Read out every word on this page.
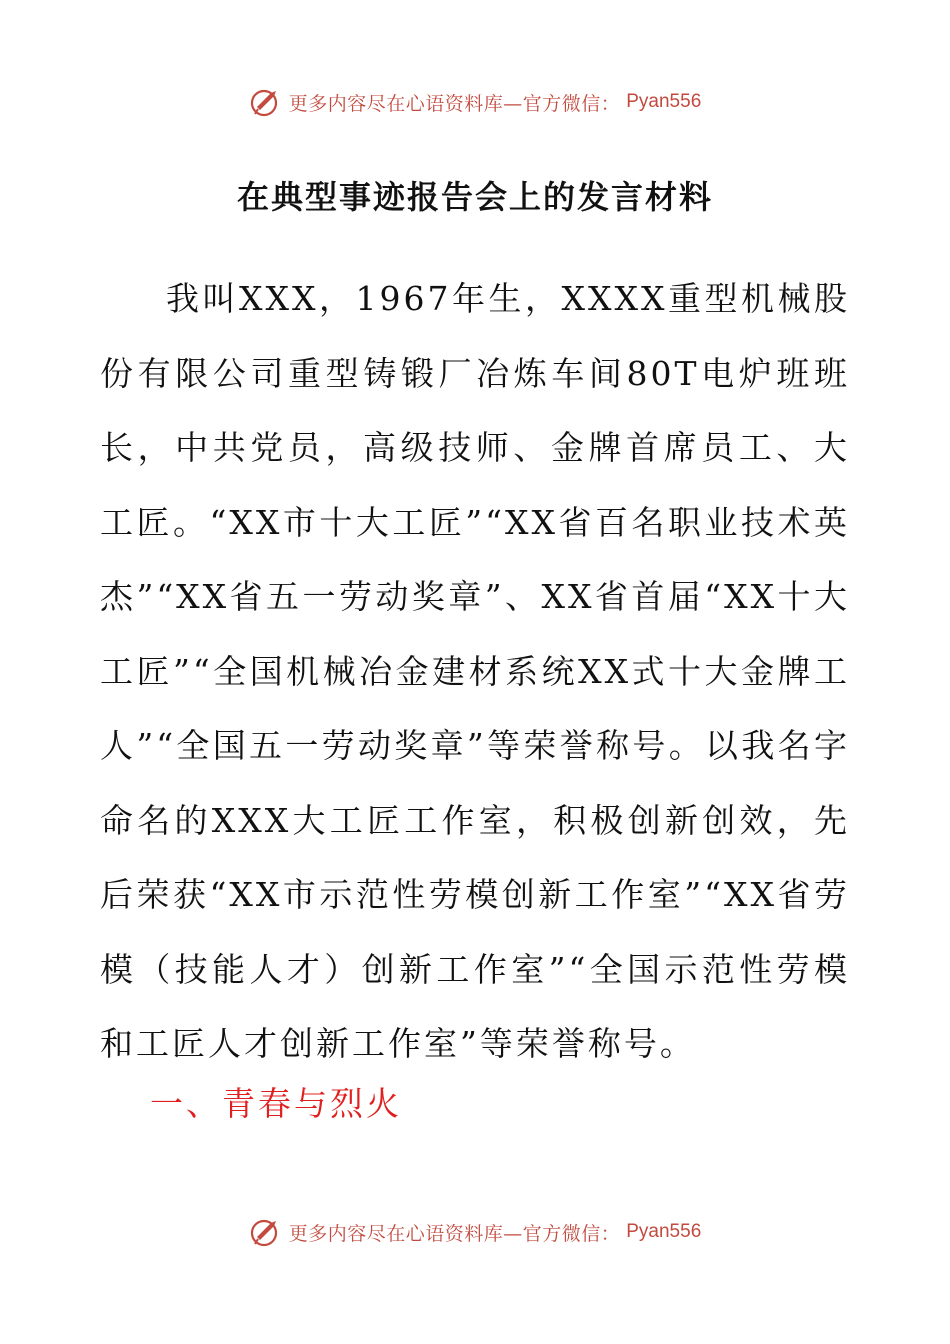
更多内容尽在心语资料库—官方微信： Pyan556
在典型事迹报告会上的发言材料

我叫XXX，1967年生，XXXX重型机械股份有限公司重型铸锻厂冶炼车间80T电炉班班长，中共党员，高级技师、金牌首席员工、大工匠。“XX市十大工匠”“XX省百名职业技术英杰”“XX省五一劳动奖章”、XX省首届“XX十大工匠”“全国机械冶金建材系统XX式十大金牌工人”“全国五一劳动奖章”等荣誉称号。以我名字命名的XXX大工匠工作室，积极创新创效，先后荣获“XX市示范性劳模创新工作室”“XX省劳模（技能人才）创新工作室”“全国示范性劳模和工匠人才创新工作室”等荣誉称号。

一、青春与烈火

更多内容尽在心语资料库—官方微信： Pyan556
